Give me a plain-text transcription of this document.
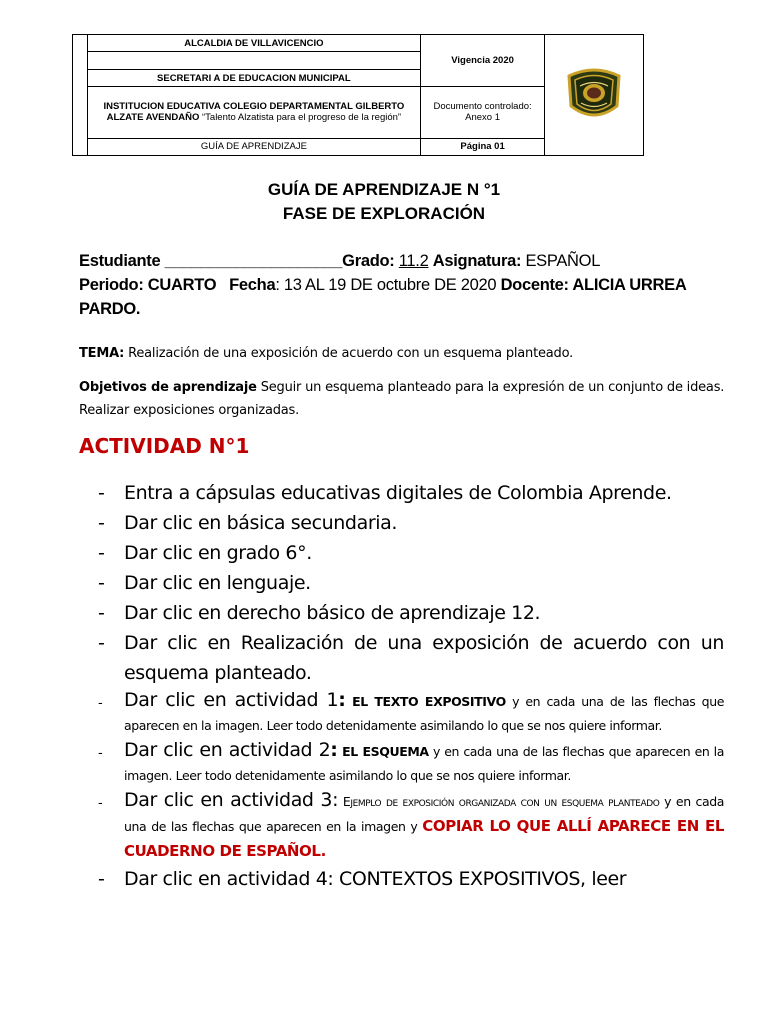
	ALCALDIA DE VILLAVICENCIO	Vigencia 2020	

	SECRETARI A DE EDUCACION MUNICIPAL		
	INSTITUCION EDUCATIVA COLEGIO DEPARTAMENTAL GILBERTO ALZATE AVENDAÑO “Talento Alzatista para el progreso de la región”	Documento controlado: Anexo 1	
	GUÍA DE APRENDIZAJE	Página 01	
GUÍA DE APRENDIZAJE N °1
FASE DE EXPLORACIÓN
Estudiante ____________________Grado: 11.2 Asignatura: ESPAÑOL
Periodo: CUARTO Fecha: 13 AL 19 DE octubre DE 2020 Docente: ALICIA URREA
PARDO.
TEMA: Realización de una exposición de acuerdo con un esquema planteado.
Objetivos de aprendizaje Seguir un esquema planteado para la expresión de un conjunto de ideas. Realizar exposiciones organizadas.
ACTIVIDAD N°1
- Entra a cápsulas educativas digitales de Colombia Aprende.
- Dar clic en básica secundaria.
- Dar clic en grado 6°.
- Dar clic en lenguaje.
- Dar clic en derecho básico de aprendizaje 12.
- Dar clic en Realización de una exposición de acuerdo con un esquema planteado.
- Dar clic en actividad 1: EL TEXTO EXPOSITIVO y en cada una de las flechas que aparecen en la imagen. Leer todo detenidamente asimilando lo que se nos quiere informar.
- Dar clic en actividad 2: EL ESQUEMA y en cada una de las flechas que aparecen en la imagen. Leer todo detenidamente asimilando lo que se nos quiere informar.
- Dar clic en actividad 3: Ejemplo de exposición organizada con un esquema planteado y en cada una de las flechas que aparecen en la imagen y COPIAR LO QUE ALLÍ APARECE EN EL CUADERNO DE ESPAÑOL.
- Dar clic en actividad 4: CONTEXTOS EXPOSITIVOS, leer
